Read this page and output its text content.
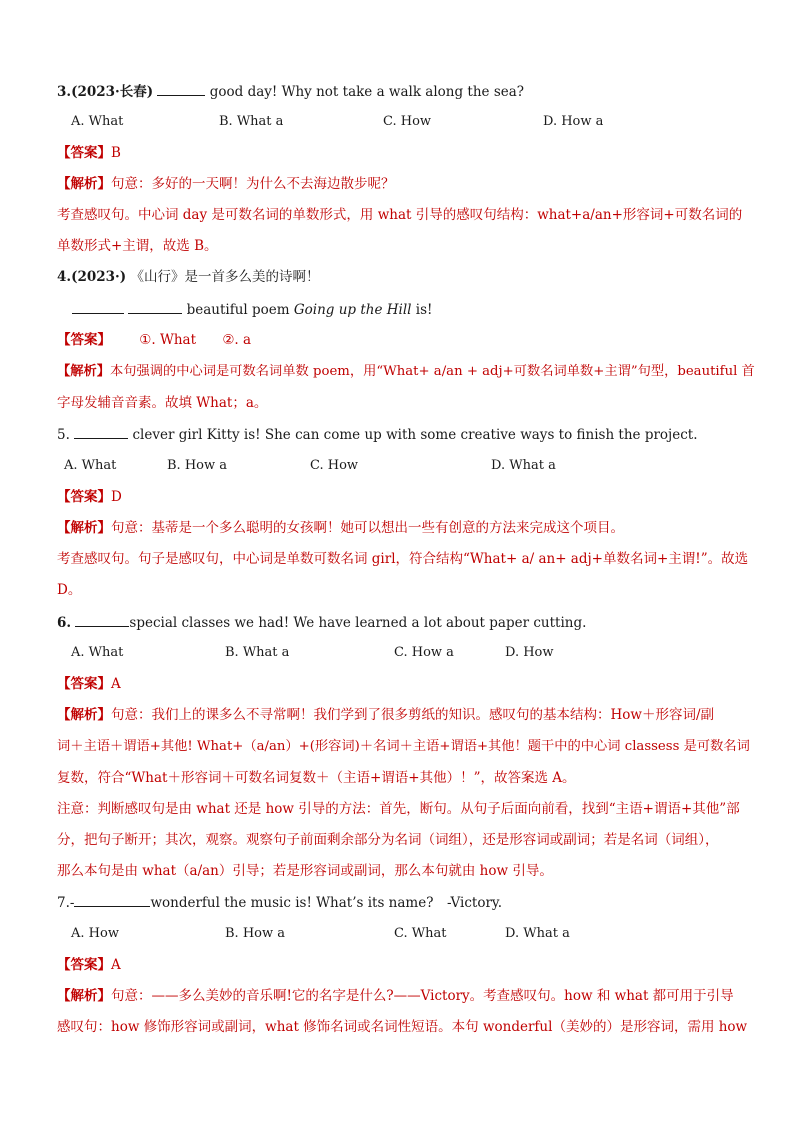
3.(2023·长春)	good day! Why not take a walk along the sea?
A. What	B. What a	C. How	D. How a
【答案】B
【解析】句意：多好的一天啊！为什么不去海边散步呢？
考查感叹句。中心词 day 是可数名词的单数形式，用 what 引导的感叹句结构：what+a/an+形容词+可数名词的
单数形式+主谓，故选 B。
4.(2023·) 《山行》是一首多么美的诗啊！
beautiful poem Going up the Hill is!
【答案】 ①. What ②. a
【解析】本句强调的中心词是可数名词单数 poem，用“What+ a/an + adj+可数名词单数+主谓”句型，beautiful 首
字母发辅音音素。故填 What；a。
5.	clever girl Kitty is! She can come up with some creative ways to finish the project.
A. What	B. How a	C. How	D. What a
【答案】D
【解析】句意：基蒂是一个多么聪明的女孩啊！她可以想出一些有创意的方法来完成这个项目。
考查感叹句。句子是感叹句，中心词是单数可数名词 girl，符合结构“What+ a/ an+ adj+单数名词+主谓!”。故选
D。
6.	special classes we had! We have learned a lot about paper cutting.
A. What	B. What a	C. How a	D. How
【答案】A
【解析】句意：我们上的课多么不寻常啊！我们学到了很多剪纸的知识。感叹句的基本结构：How＋形容词/副
词＋主语＋谓语+其他! What+（a/an）+(形容词)＋名词＋主语+谓语+其他！题干中的中心词 classess 是可数名词
复数，符合“What＋形容词＋可数名词复数＋（主语+谓语+其他）！”，故答案选 A。
注意：判断感叹句是由 what 还是 how 引导的方法：首先，断句。从句子后面向前看，找到“主语+谓语+其他”部
分，把句子断开；其次，观察。观察句子前面剩余部分为名词（词组），还是形容词或副词；若是名词（词组），
那么本句是由 what（a/an）引导；若是形容词或副词，那么本句就由 how 引导。
7.-	wonderful the music is! What’s its name?　-Victory.
A. How	B. How a	C. What	D. What a
【答案】A
【解析】句意：——多么美妙的音乐啊!它的名字是什么?——Victory。考查感叹句。how 和 what 都可用于引导
感叹句：how 修饰形容词或副词，what 修饰名词或名词性短语。本句 wonderful（美妙的）是形容词，需用 how
